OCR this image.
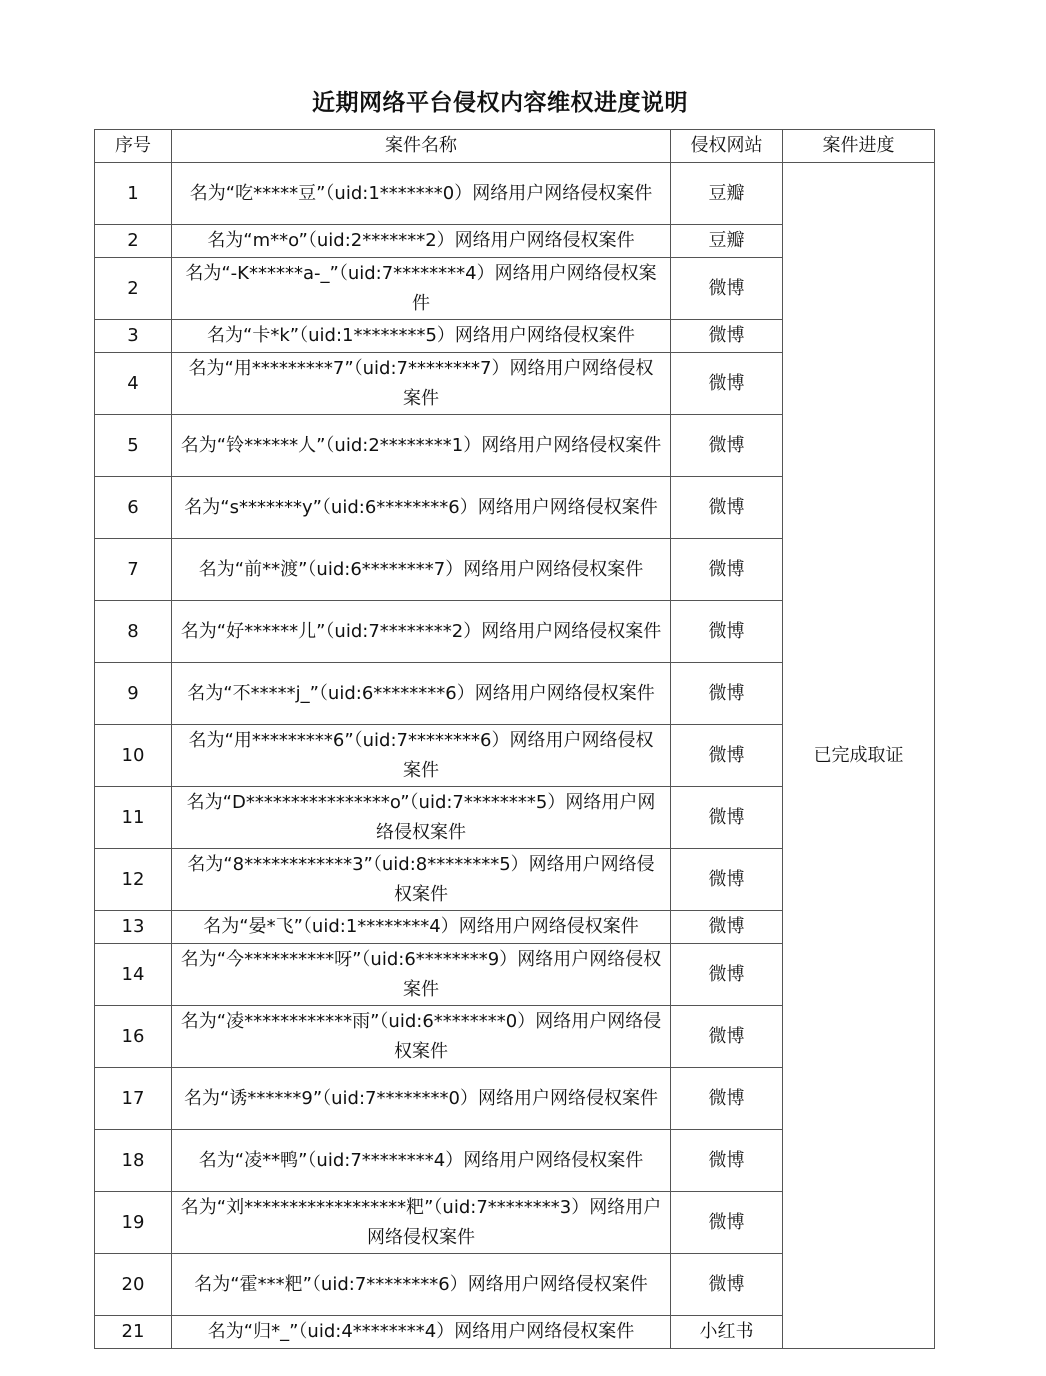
近期网络平台侵权内容维权进度说明
序号	案件名称	侵权网站	案件进度
1	名为“吃*****豆”（uid:1*******0）网络用户网络侵权案件	豆瓣	已完成取证
2	名为“m**o”（uid:2*******2）网络用户网络侵权案件	豆瓣	
2	名为“-K******a-_”（uid:7********4）网络用户网络侵权案件	微博	
3	名为“卡*k”（uid:1********5）网络用户网络侵权案件	微博	
4	名为“用*********7”（uid:7********7）网络用户网络侵权案件	微博	
5	名为“铃******人”（uid:2********1）网络用户网络侵权案件	微博	
6	名为“s*******y”（uid:6********6）网络用户网络侵权案件	微博	
7	名为“前**渡”（uid:6********7）网络用户网络侵权案件	微博	
8	名为“好******儿”（uid:7********2）网络用户网络侵权案件	微博	
9	名为“不*****j_”（uid:6********6）网络用户网络侵权案件	微博	
10	名为“用*********6”（uid:7********6）网络用户网络侵权案件	微博	
11	名为“D****************o”（uid:7********5）网络用户网络侵权案件	微博	
12	名为“8************3”（uid:8********5）网络用户网络侵权案件	微博	
13	名为“晏*飞”（uid:1********4）网络用户网络侵权案件	微博	
14	名为“今**********呀”（uid:6********9）网络用户网络侵权案件	微博	
16	名为“凌************雨”（uid:6********0）网络用户网络侵权案件	微博	
17	名为“诱******9”（uid:7********0）网络用户网络侵权案件	微博	
18	名为“凌**鸭”（uid:7********4）网络用户网络侵权案件	微博	
19	名为“刘******************粑”（uid:7********3）网络用户网络侵权案件	微博	
20	名为“霍***粑”（uid:7********6）网络用户网络侵权案件	微博	
21	名为“归*_”（uid:4********4）网络用户网络侵权案件	小红书	
